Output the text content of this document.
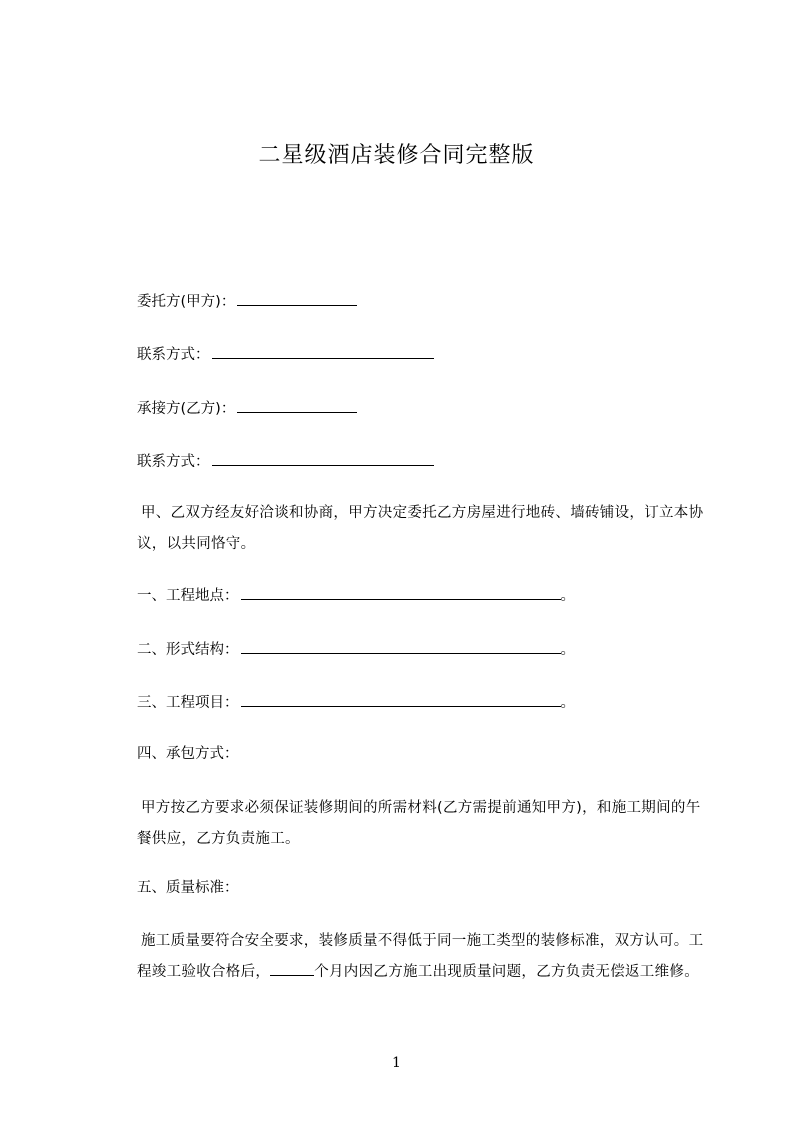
二星级酒店装修合同完整版
委托方(甲方)：
联系方式：
承接方(乙方)：
联系方式：
甲、乙双方经友好洽谈和协商，甲方决定委托乙方房屋进行地砖、墙砖铺设，订立本协议，以共同恪守。
一、工程地点：	。
二、形式结构：	。
三、工程项目：	。
四、承包方式：
甲方按乙方要求必须保证装修期间的所需材料(乙方需提前通知甲方)，和施工期间的午餐供应，乙方负责施工。
五、质量标准：
施工质量要符合安全要求，装修质量不得低于同一施工类型的装修标准，双方认可。工程竣工验收合格后，	个月内因乙方施工出现质量问题，乙方负责无偿返工维修。
1
